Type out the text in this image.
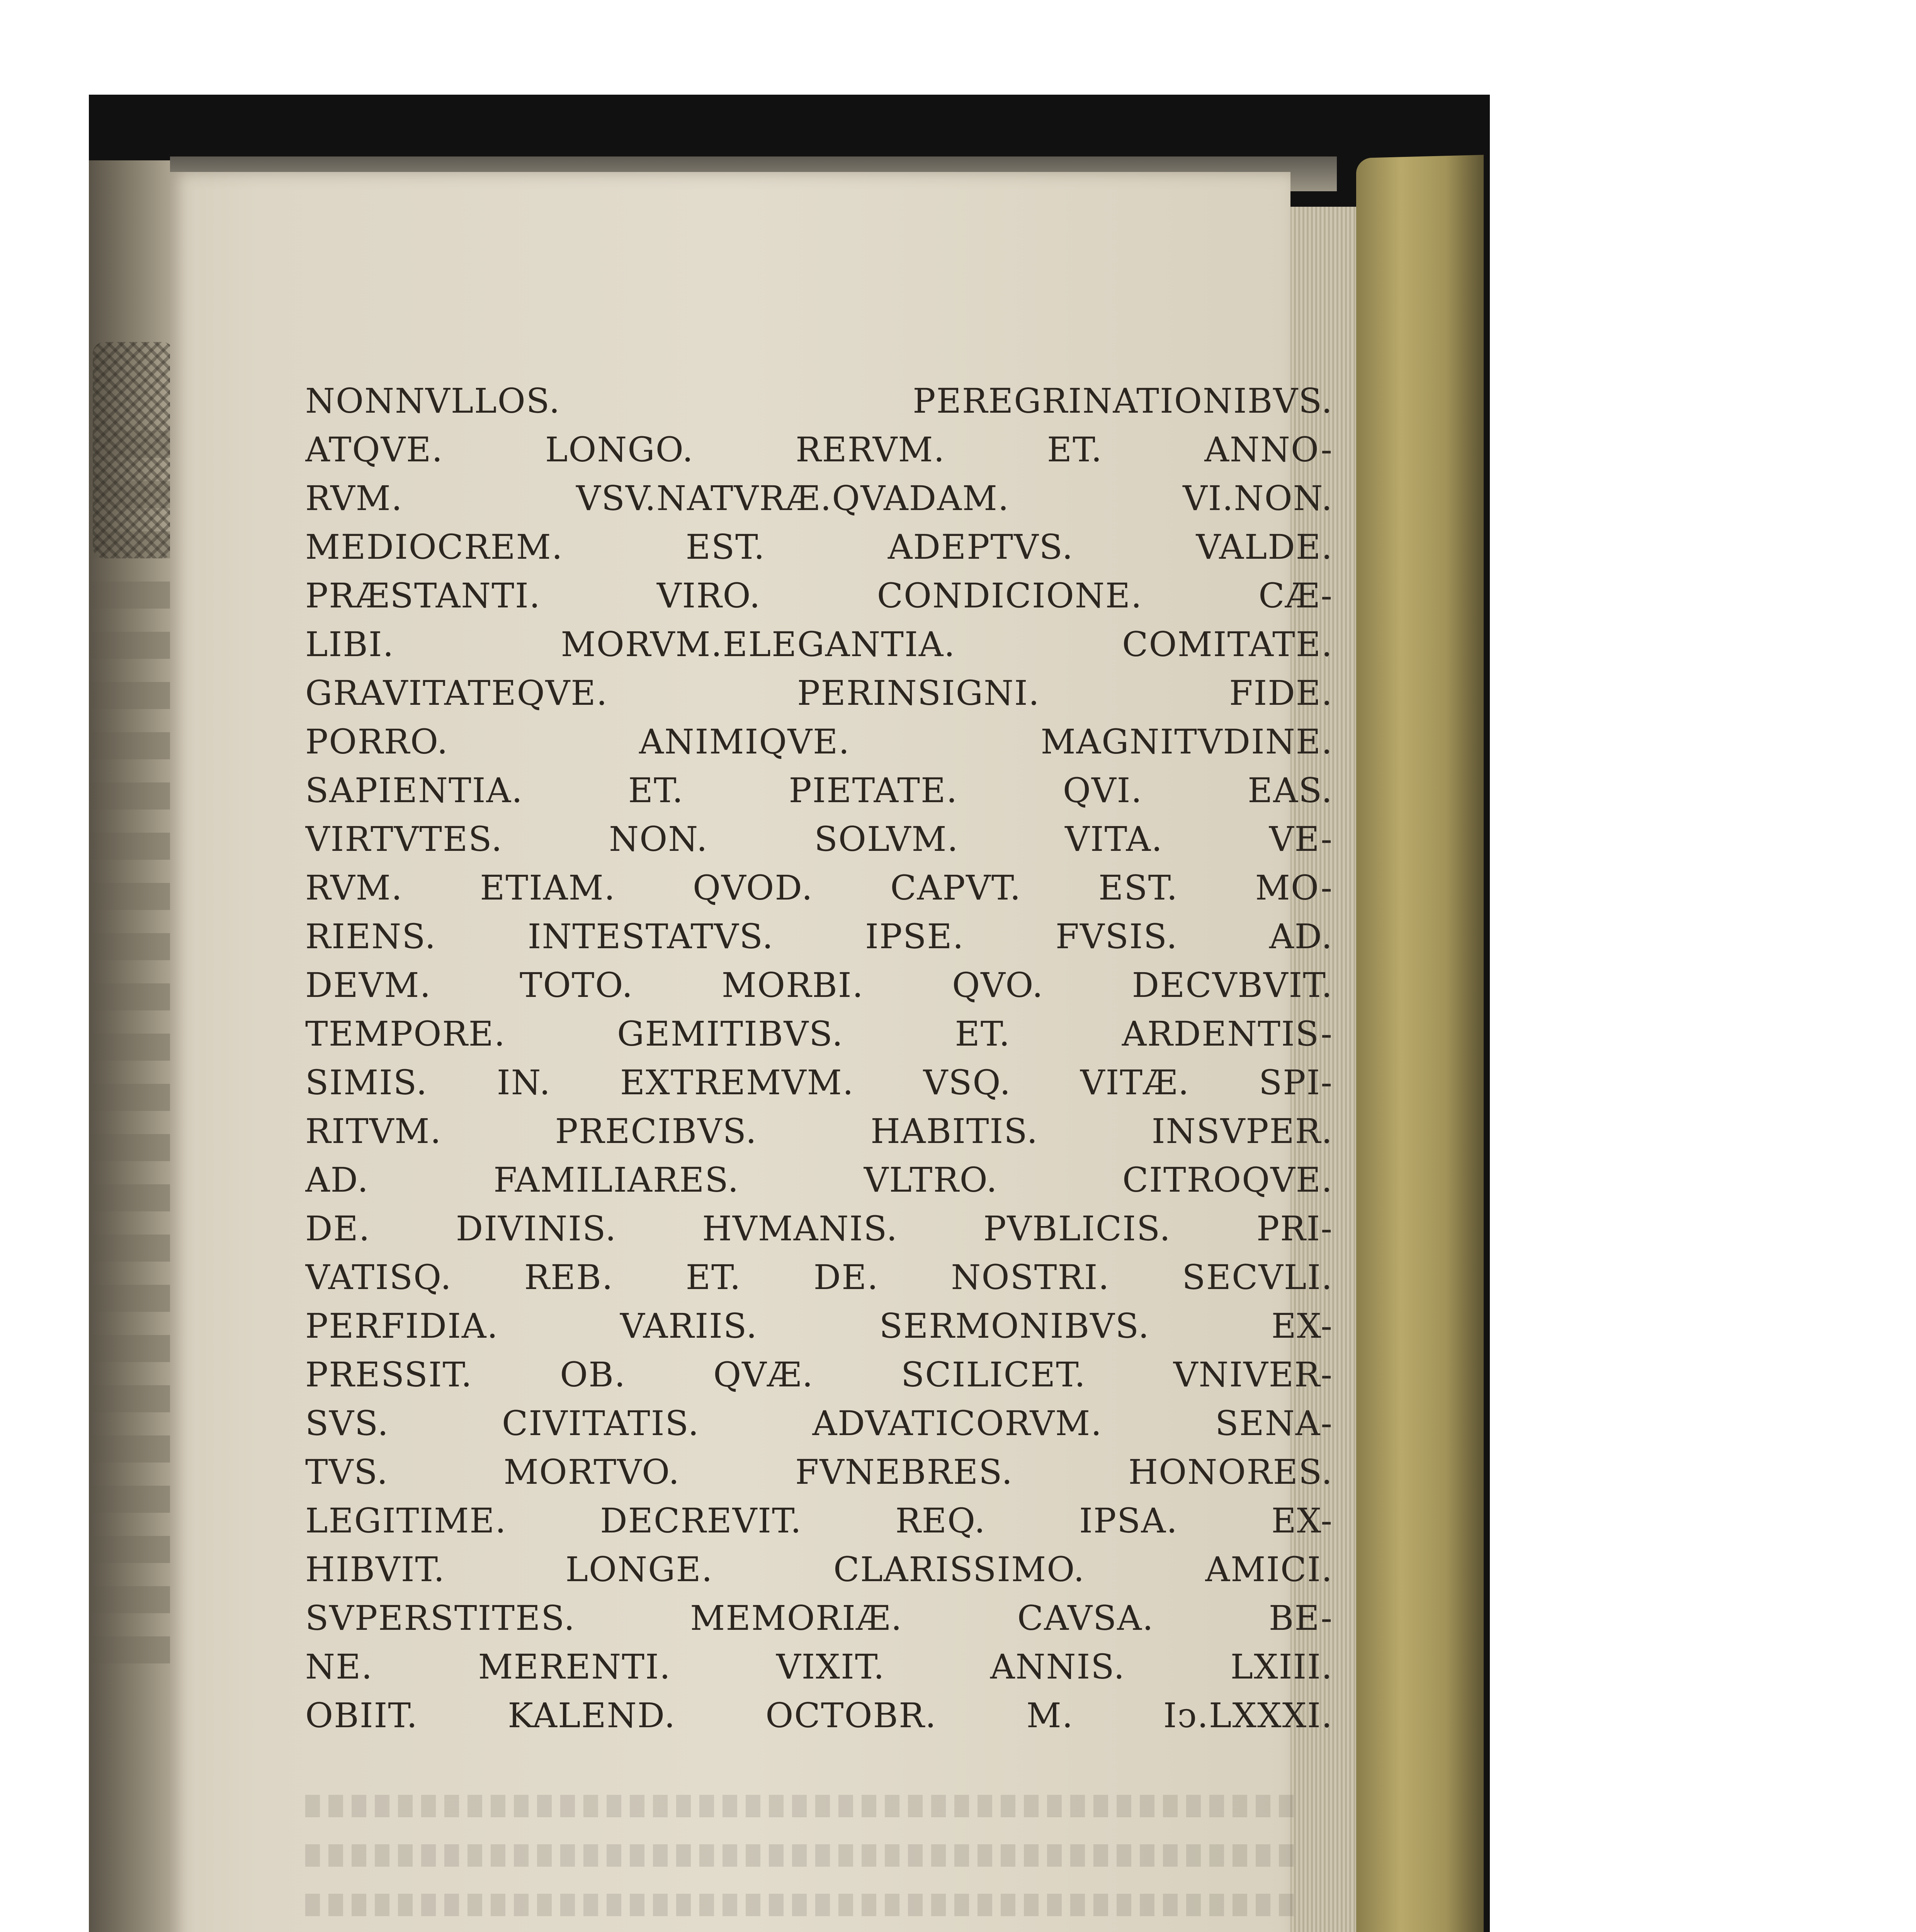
NONNVLLOS. PEREGRINATIONIBVS.
ATQVE. LONGO. RERVM. ET. ANNO-
RVM. VSV.NATVRÆ.QVADAM. VI.NON.
MEDIOCREM. EST. ADEPTVS. VALDE.
PRÆSTANTI. VIRO. CONDICIONE. CÆ-
LIBI. MORVM.ELEGANTIA. COMITATE.
GRAVITATEQVE. PERINSIGNI. FIDE.
PORRO. ANIMIQVE. MAGNITVDINE.
SAPIENTIA. ET. PIETATE. QVI. EAS.
VIRTVTES. NON. SOLVM. VITA. VE-
RVM. ETIAM. QVOD. CAPVT. EST. MO-
RIENS. INTESTATVS. IPSE. FVSIS. AD.
DEVM. TOTO. MORBI. QVO. DECVBVIT.
TEMPORE. GEMITIBVS. ET. ARDENTIS-
SIMIS. IN. EXTREMVM. VSQ. VITÆ. SPI-
RITVM. PRECIBVS. HABITIS. INSVPER.
AD. FAMILIARES. VLTRO. CITROQVE.
DE. DIVINIS. HVMANIS. PVBLICIS. PRI-
VATISQ. REB. ET. DE. NOSTRI. SECVLI.
PERFIDIA. VARIIS. SERMONIBVS. EX-
PRESSIT. OB. QVÆ. SCILICET. VNIVER-
SVS. CIVITATIS. ADVATICORVM. SENA-
TVS. MORTVO. FVNEBRES. HONORES.
LEGITIME. DECREVIT. REQ. IPSA. EX-
HIBVIT. LONGE. CLARISSIMO. AMICI.
SVPERSTITES. MEMORIÆ. CAVSA. BE-
NE. MERENTI. VIXIT. ANNIS. LXIII.
OBIIT. KALEND. OCTOBR. M. Iↄ.LXXXI.
